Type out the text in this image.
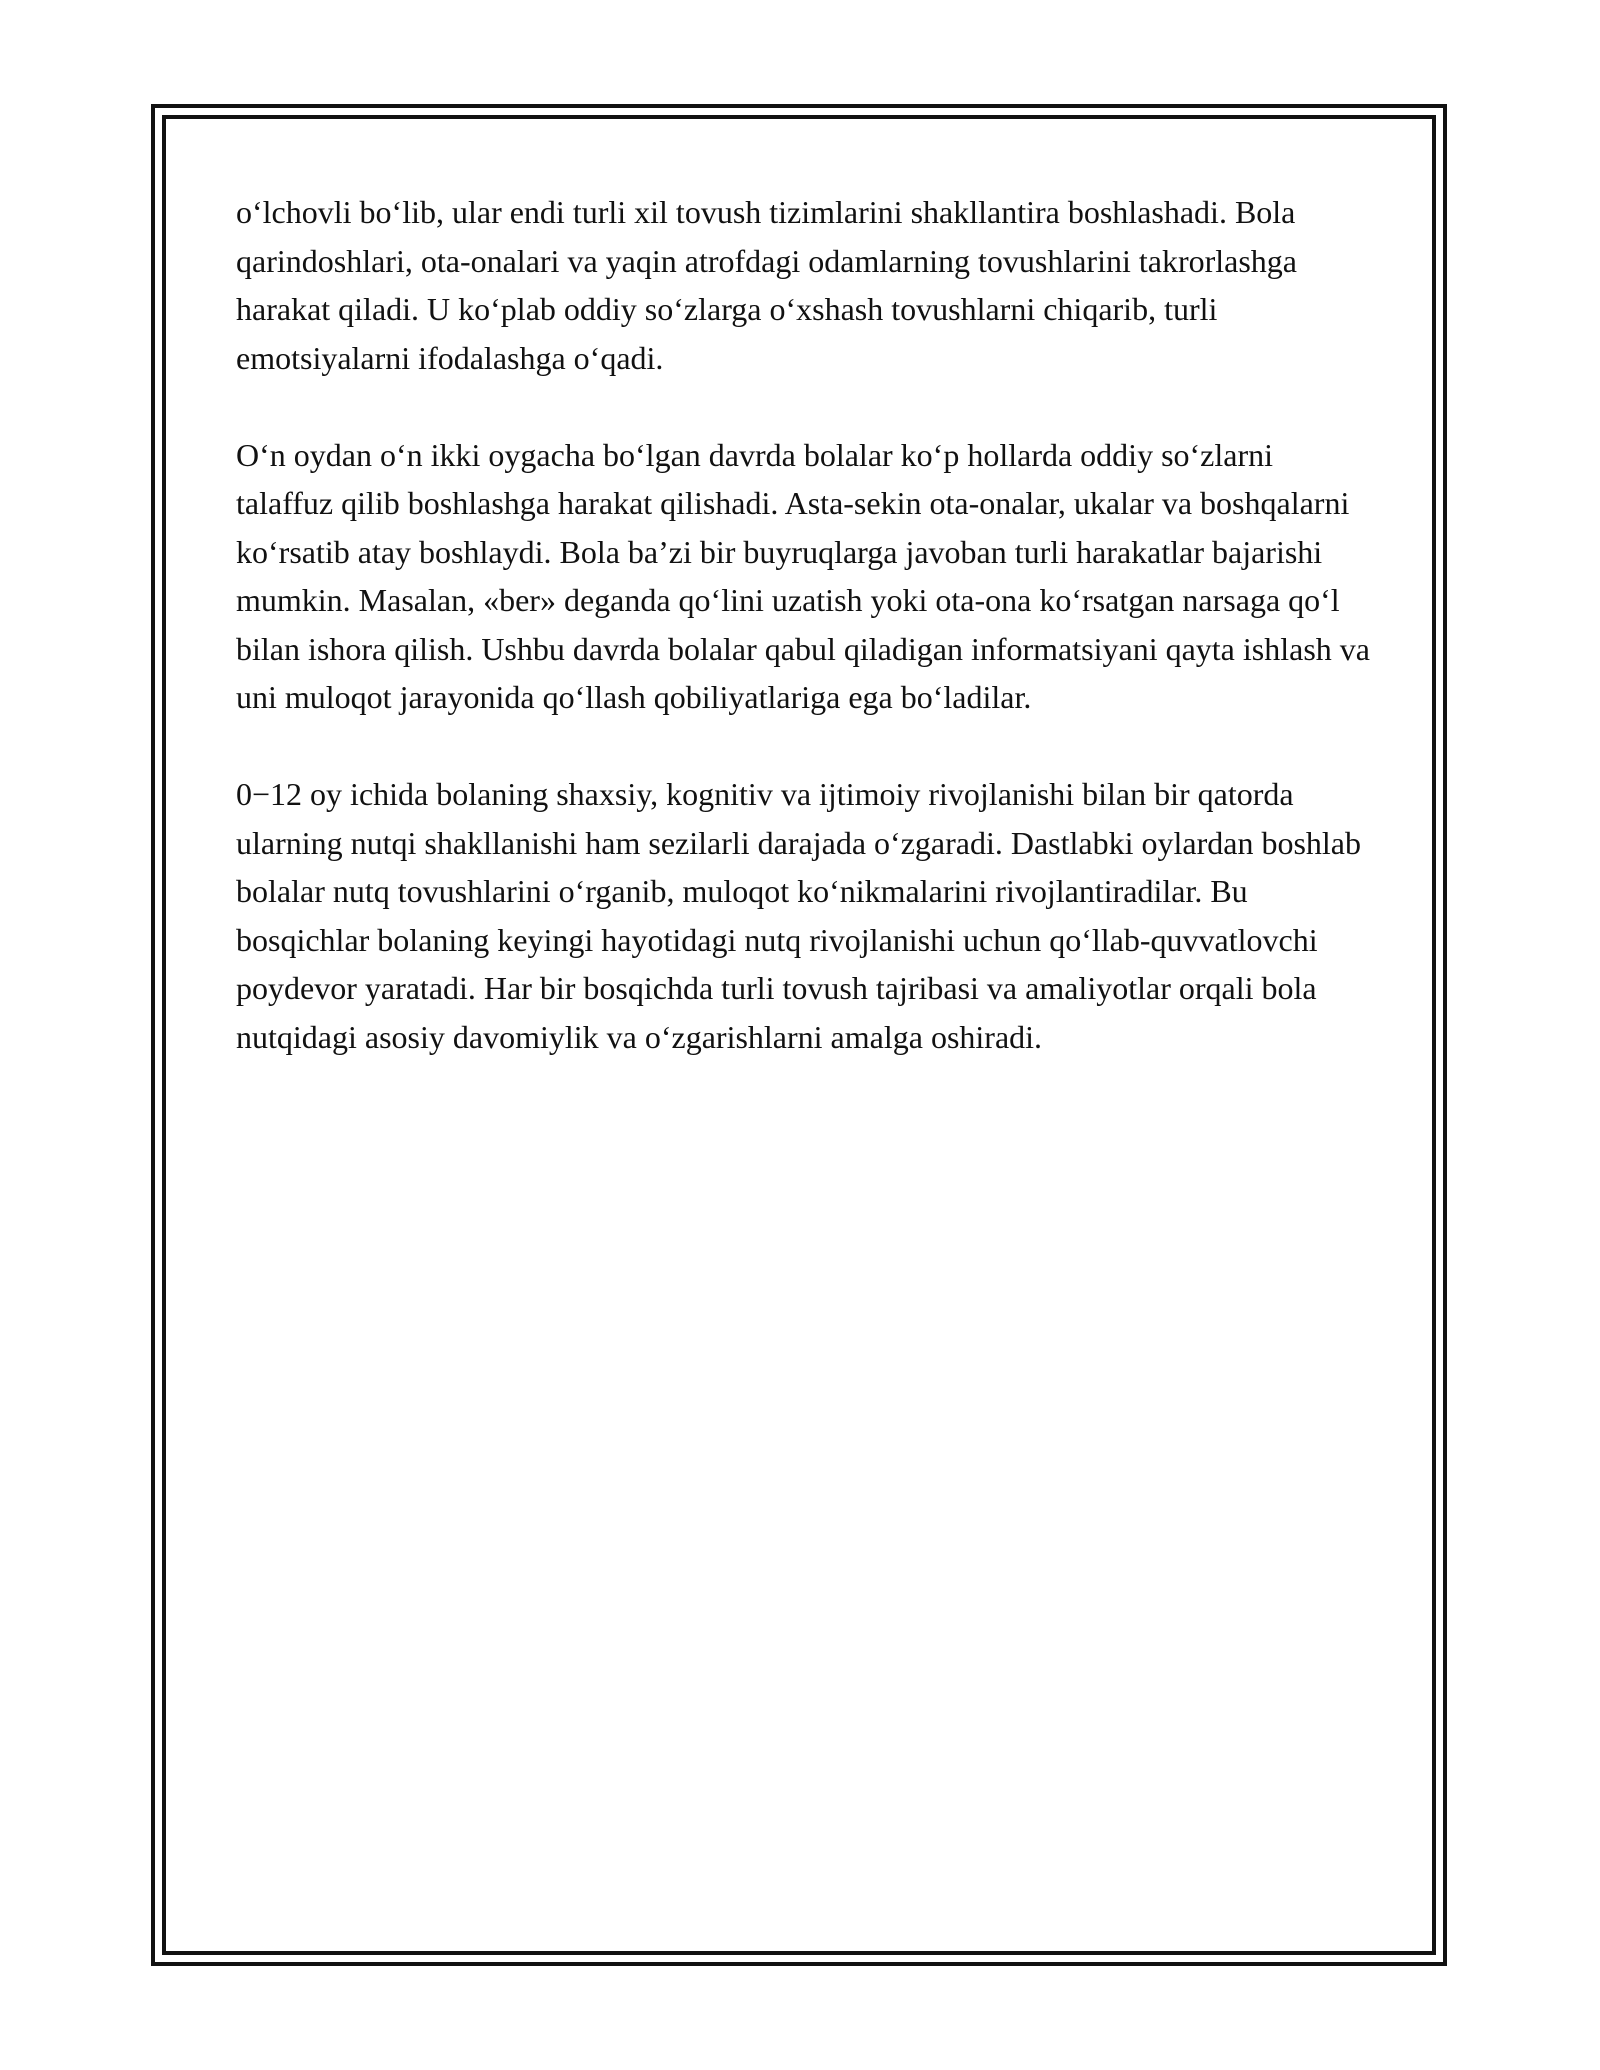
o‘lchovli bo‘lib, ular endi turli xil tovush tizimlarini shakllantira boshlashadi. Bola qarindoshlari, ota-onalari va yaqin atrofdagi odamlarning tovushlarini takrorlashga harakat qiladi. U ko‘plab oddiy so‘zlarga o‘xshash tovushlarni chiqarib, turli emotsiyalarni ifodalashga o‘qadi.

O‘n oydan o‘n ikki oygacha bo‘lgan davrda bolalar ko‘p hollarda oddiy so‘zlarni talaffuz qilib boshlashga harakat qilishadi. Asta-sekin ota-onalar, ukalar va boshqalarni ko‘rsatib atay boshlaydi. Bola ba’zi bir buyruqlarga javoban turli harakatlar bajarishi mumkin. Masalan, «ber» deganda qo‘lini uzatish yoki ota-ona ko‘rsatgan narsaga qo‘l bilan ishora qilish. Ushbu davrda bolalar qabul qiladigan informatsiyani qayta ishlash va uni muloqot jarayonida qo‘llash qobiliyatlariga ega bo‘ladilar.

0−12 oy ichida bolaning shaxsiy, kognitiv va ijtimoiy rivojlanishi bilan bir qatorda ularning nutqi shakllanishi ham sezilarli darajada o‘zgaradi. Dastlabki oylardan boshlab bolalar nutq tovushlarini o‘rganib, muloqot ko‘nikmalarini rivojlantiradilar. Bu bosqichlar bolaning keyingi hayotidagi nutq rivojlanishi uchun qo‘llab-quvvatlovchi poydevor yaratadi. Har bir bosqichda turli tovush tajribasi va amaliyotlar orqali bola nutqidagi asosiy davomiylik va o‘zgarishlarni amalga oshiradi.
